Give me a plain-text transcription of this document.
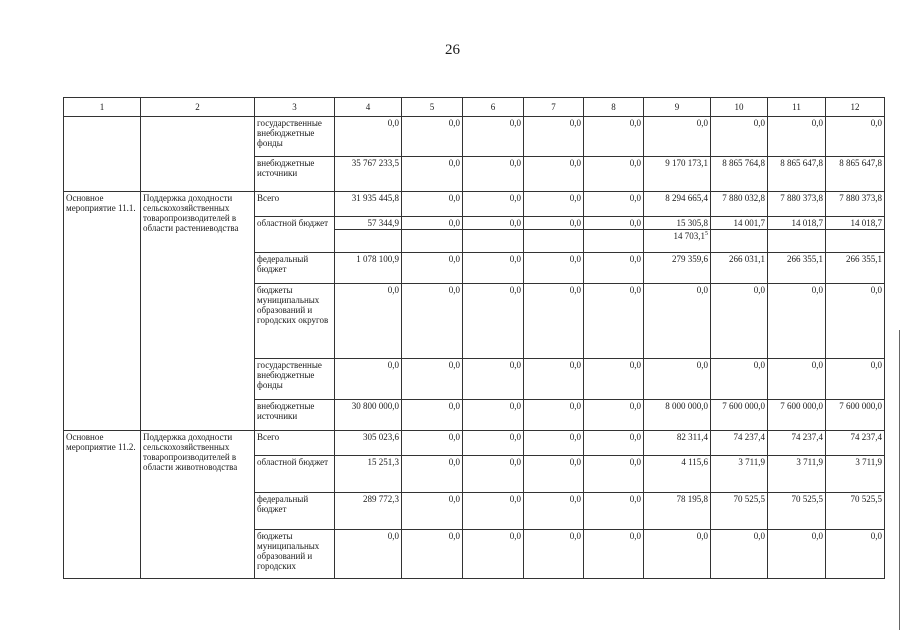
26
1	2	3	4	5	6	7	8	9	10	11	12
		государственные внебюджетные фонды	0,0	0,0	0,0	0,0	0,0	0,0	0,0	0,0	0,0
		внебюджетные источники	35 767 233,5	0,0	0,0	0,0	0,0	9 170 173,1	8 865 764,8	8 865 647,8	8 865 647,8
Основное мероприятие 11.1.	Поддержка доходности сельскохозяйственных товаропроизводителей в области растениеводства	Всего	31 935 445,8	0,0	0,0	0,0	0,0	8 294 665,4	7 880 032,8	7 880 373,8	7 880 373,8
		областной бюджет	57 344,9	0,0	0,0	0,0	0,0	15 305,8	14 001,7	14 018,7	14 018,7
								14 703,1$^5$			
		федеральный бюджет	1 078 100,9	0,0	0,0	0,0	0,0	279 359,6	266 031,1	266 355,1	266 355,1
		бюджеты муниципальных образований и городских округов	0,0	0,0	0,0	0,0	0,0	0,0	0,0	0,0	0,0
		государственные внебюджетные фонды	0,0	0,0	0,0	0,0	0,0	0,0	0,0	0,0	0,0
		внебюджетные источники	30 800 000,0	0,0	0,0	0,0	0,0	8 000 000,0	7 600 000,0	7 600 000,0	7 600 000,0
Основное мероприятие 11.2.	Поддержка доходности сельскохозяйственных товаропроизводителей в области животноводства	Всего	305 023,6	0,0	0,0	0,0	0,0	82 311,4	74 237,4	74 237,4	74 237,4
		областной бюджет	15 251,3	0,0	0,0	0,0	0,0	4 115,6	3 711,9	3 711,9	3 711,9
		федеральный бюджет	289 772,3	0,0	0,0	0,0	0,0	78 195,8	70 525,5	70 525,5	70 525,5
		бюджеты муниципальных образований и городских	0,0	0,0	0,0	0,0	0,0	0,0	0,0	0,0	0,0
